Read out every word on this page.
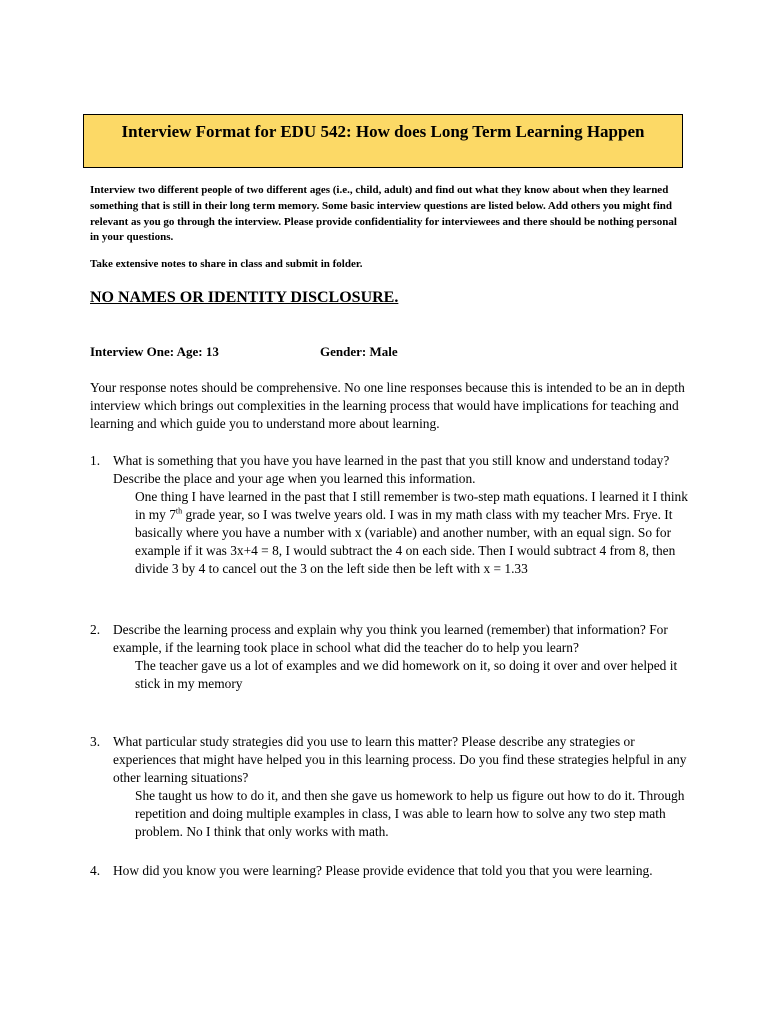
Interview Format for EDU 542: How does Long Term Learning Happen
Interview two different people of two different ages (i.e., child, adult) and find out what they know about when they learned something that is still in their long term memory. Some basic interview questions are listed below. Add others you might find relevant as you go through the interview. Please provide confidentiality for interviewees and there should be nothing personal in your questions.
Take extensive notes to share in class and submit in folder.
NO NAMES OR IDENTITY DISCLOSURE.
Interview One: Age: 13	Gender: Male
Your response notes should be comprehensive. No one line responses because this is intended to be an in depth interview which brings out complexities in the learning process that would have implications for teaching and learning and which guide you to understand more about learning.
1. What is something that you have you have learned in the past that you still know and understand today? Describe the place and your age when you learned this information.
One thing I have learned in the past that I still remember is two-step math equations. I learned it I think in my 7th grade year, so I was twelve years old. I was in my math class with my teacher Mrs. Frye. It basically where you have a number with x (variable) and another number, with an equal sign. So for example if it was 3x+4 = 8, I would subtract the 4 on each side. Then I would subtract 4 from 8, then divide 3 by 4 to cancel out the 3 on the left side then be left with x = 1.33
2. Describe the learning process and explain why you think you learned (remember) that information? For example, if the learning took place in school what did the teacher do to help you learn?
The teacher gave us a lot of examples and we did homework on it, so doing it over and over helped it stick in my memory
3. What particular study strategies did you use to learn this matter? Please describe any strategies or experiences that might have helped you in this learning process. Do you find these strategies helpful in any other learning situations?
She taught us how to do it, and then she gave us homework to help us figure out how to do it. Through repetition and doing multiple examples in class, I was able to learn how to solve any two step math problem. No I think that only works with math.
4. How did you know you were learning? Please provide evidence that told you that you were learning.
